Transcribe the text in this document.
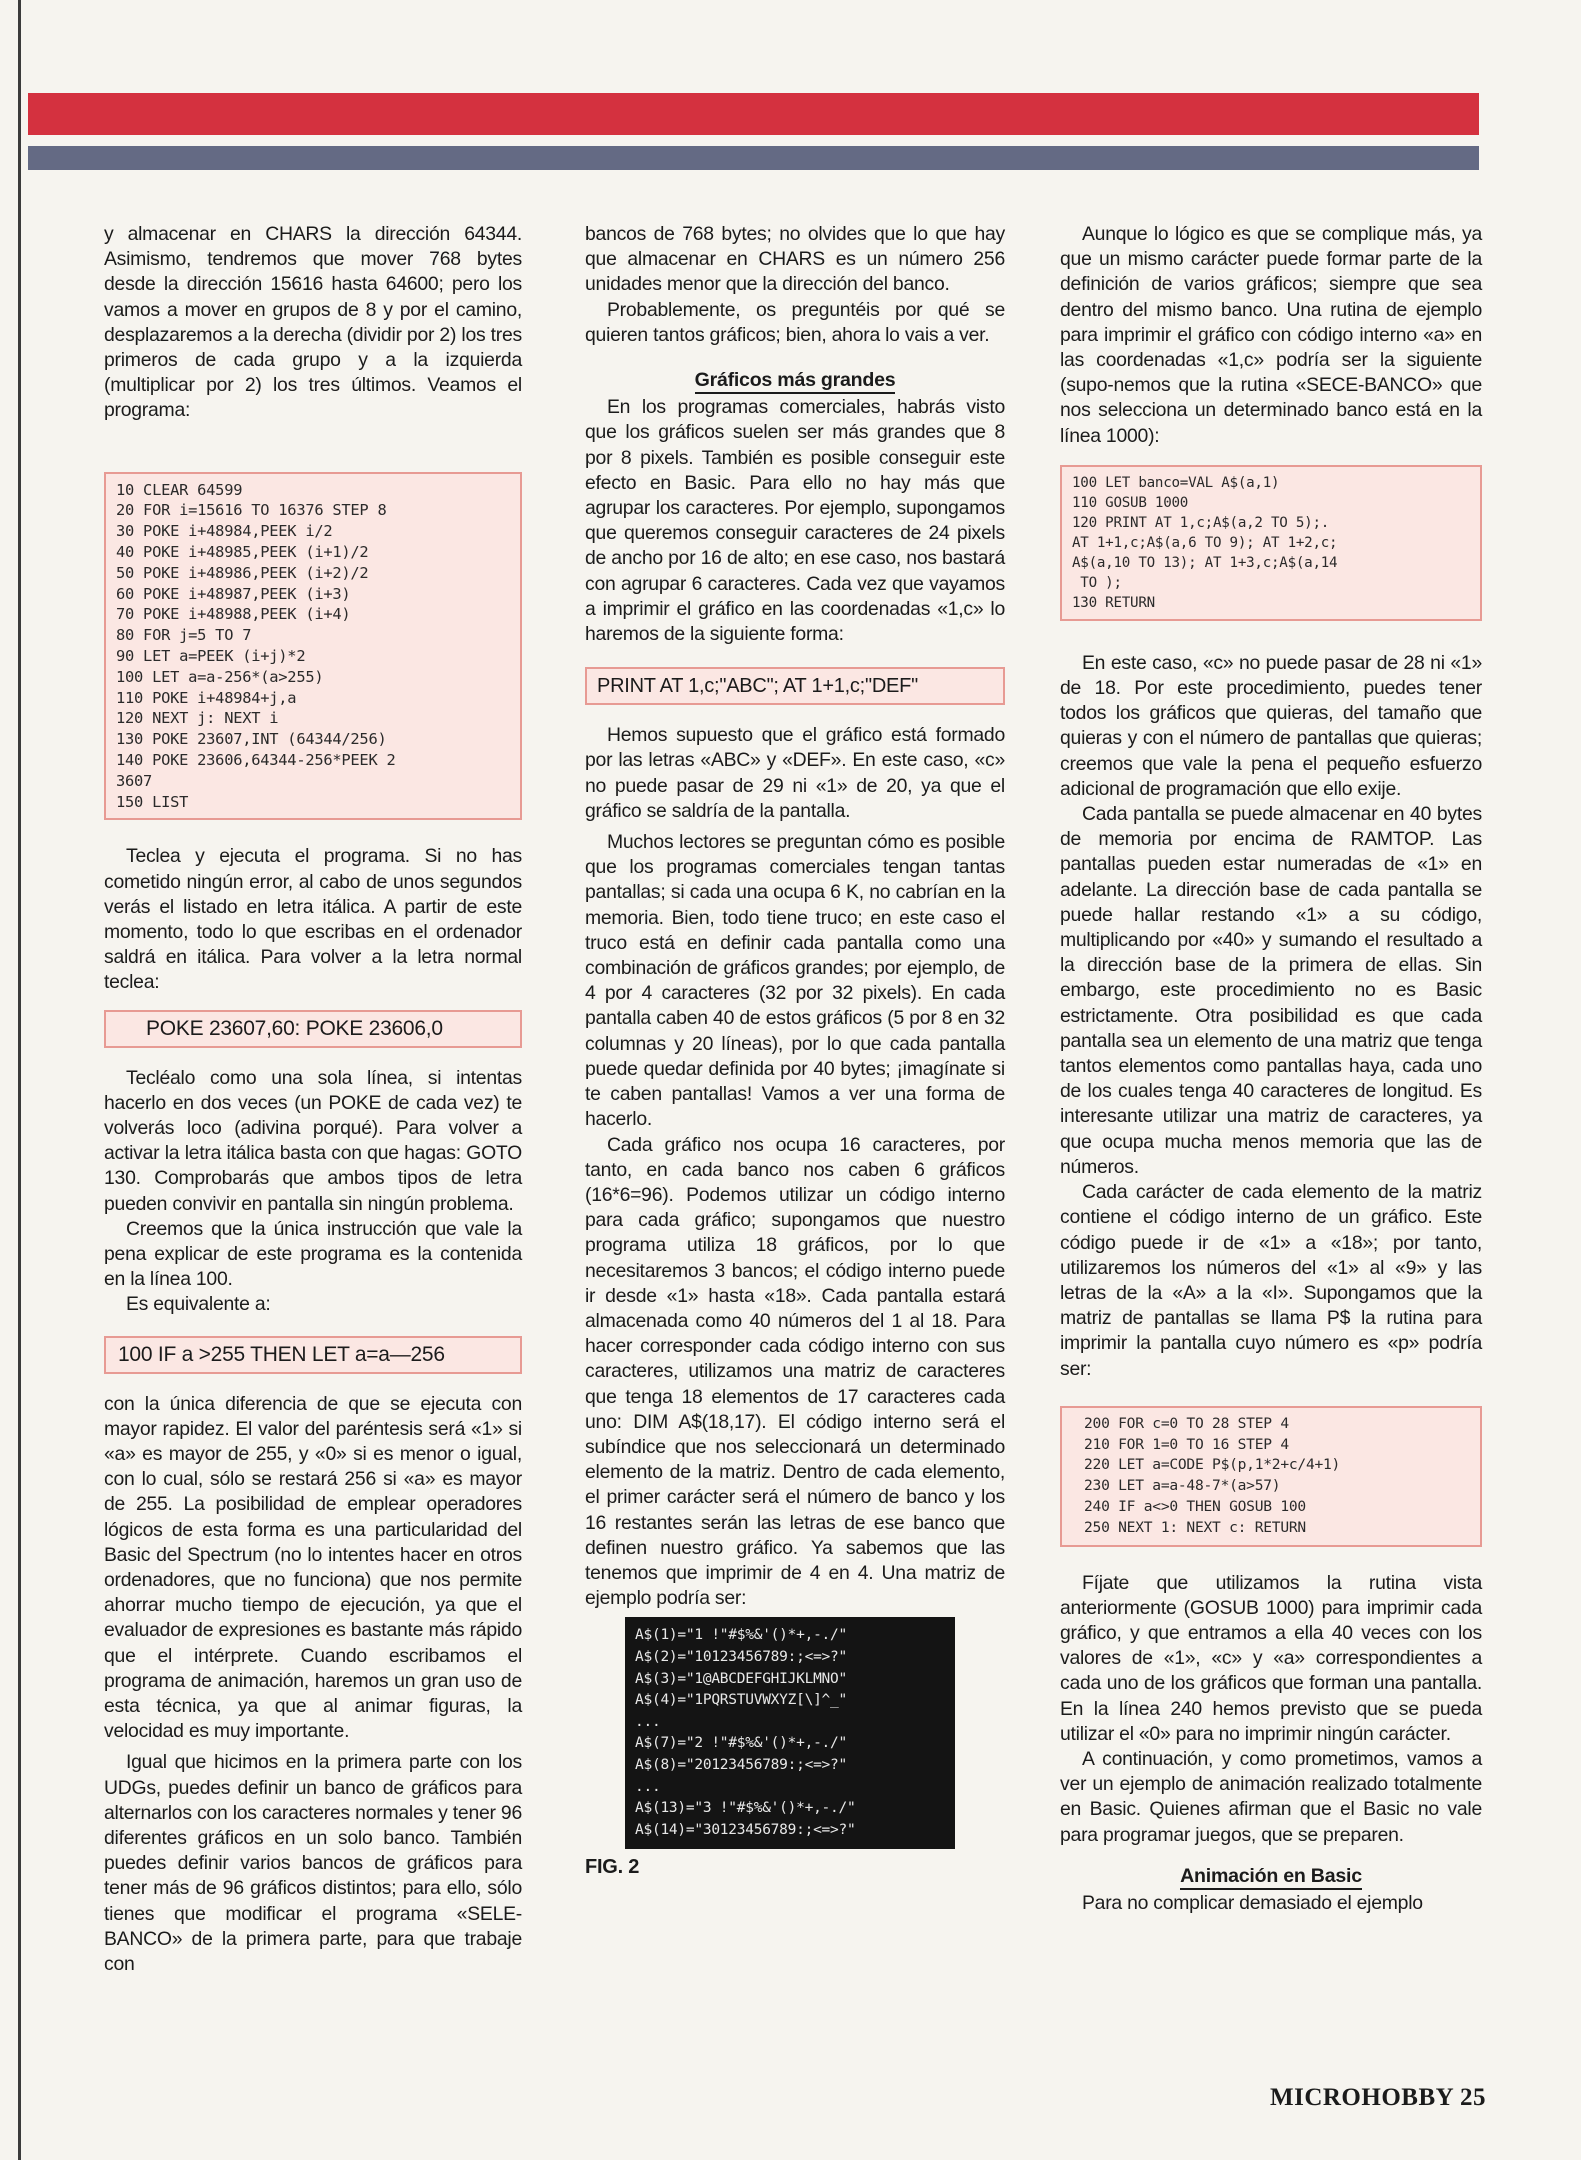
y almacenar en CHARS la dirección 64344. Asimismo, tendremos que mover 768 bytes desde la dirección 15616 hasta 64600; pero los vamos a mover en grupos de 8 y por el camino, desplazaremos a la derecha (dividir por 2) los tres primeros de cada grupo y a la izquierda (multiplicar por 2) los tres últimos. Veamos el programa:

10 CLEAR 64599
20 FOR i=15616 TO 16376 STEP 8
30 POKE i+48984,PEEK i/2
40 POKE i+48985,PEEK (i+1)/2
50 POKE i+48986,PEEK (i+2)/2
60 POKE i+48987,PEEK (i+3)
70 POKE i+48988,PEEK (i+4)
80 FOR j=5 TO 7
90 LET a=PEEK (i+j)*2
100 LET a=a-256*(a>255)
110 POKE i+48984+j,a
120 NEXT j: NEXT i
130 POKE 23607,INT (64344/256)
140 POKE 23606,64344-256*PEEK 2
3607
150 LIST

Teclea y ejecuta el programa. Si no has cometido ningún error, al cabo de unos segundos verás el listado en letra itálica. A partir de este momento, todo lo que escribas en el ordenador saldrá en itálica. Para volver a la letra normal teclea:

POKE 23607,60: POKE 23606,0

Tecléalo como una sola línea, si intentas hacerlo en dos veces (un POKE de cada vez) te volverás loco (adivina porqué). Para volver a activar la letra itálica basta con que hagas: GOTO 130. Comprobarás que ambos tipos de letra pueden convivir en pantalla sin ningún problema.

Creemos que la única instrucción que vale la pena explicar de este programa es la contenida en la línea 100.

Es equivalente a:

100 IF a >255 THEN LET a=a—256

con la única diferencia de que se ejecuta con mayor rapidez. El valor del paréntesis será «1» si «a» es mayor de 255, y «0» si es menor o igual, con lo cual, sólo se restará 256 si «a» es mayor de 255. La posibilidad de emplear operadores lógicos de esta forma es una particularidad del Basic del Spectrum (no lo intentes hacer en otros ordenadores, que no funciona) que nos permite ahorrar mucho tiempo de ejecución, ya que el evaluador de expresiones es bastante más rápido que el intérprete. Cuando escribamos el programa de animación, haremos un gran uso de esta técnica, ya que al animar figuras, la velocidad es muy importante.

Igual que hicimos en la primera parte con los UDGs, puedes definir un banco de gráficos para alternarlos con los caracteres normales y tener 96 diferentes gráficos en un solo banco. También puedes definir varios bancos de gráficos para tener más de 96 gráficos distintos; para ello, sólo tienes que modificar el programa «SELE-BANCO» de la primera parte, para que trabaje con

bancos de 768 bytes; no olvides que lo que hay que almacenar en CHARS es un número 256 unidades menor que la dirección del banco.

Probablemente, os preguntéis por qué se quieren tantos gráficos; bien, ahora lo vais a ver.

Gráficos más grandes

En los programas comerciales, habrás visto que los gráficos suelen ser más grandes que 8 por 8 pixels. También es posible conseguir este efecto en Basic. Para ello no hay más que agrupar los caracteres. Por ejemplo, supongamos que queremos conseguir caracteres de 24 pixels de ancho por 16 de alto; en ese caso, nos bastará con agrupar 6 caracteres. Cada vez que vayamos a imprimir el gráfico en las coordenadas «1,c» lo haremos de la siguiente forma:

PRINT AT 1,c;"ABC"; AT 1+1,c;"DEF"

Hemos supuesto que el gráfico está formado por las letras «ABC» y «DEF». En este caso, «c» no puede pasar de 29 ni «1» de 20, ya que el gráfico se saldría de la pantalla.

Muchos lectores se preguntan cómo es posible que los programas comerciales tengan tantas pantallas; si cada una ocupa 6 K, no cabrían en la memoria. Bien, todo tiene truco; en este caso el truco está en definir cada pantalla como una combinación de gráficos grandes; por ejemplo, de 4 por 4 caracteres (32 por 32 pixels). En cada pantalla caben 40 de estos gráficos (5 por 8 en 32 columnas y 20 líneas), por lo que cada pantalla puede quedar definida por 40 bytes; ¡imagínate si te caben pantallas! Vamos a ver una forma de hacerlo.

Cada gráfico nos ocupa 16 caracteres, por tanto, en cada banco nos caben 6 gráficos (16*6=96). Podemos utilizar un código interno para cada gráfico; supongamos que nuestro programa utiliza 18 gráficos, por lo que necesitaremos 3 bancos; el código interno puede ir desde «1» hasta «18». Cada pantalla estará almacenada como 40 números del 1 al 18. Para hacer corresponder cada código interno con sus caracteres, utilizamos una matriz de caracteres que tenga 18 elementos de 17 caracteres cada uno: DIM A$(18,17). El código interno será el subíndice que nos seleccionará un determinado elemento de la matriz. Dentro de cada elemento, el primer carácter será el número de banco y los 16 restantes serán las letras de ese banco que definen nuestro gráfico. Ya sabemos que las tenemos que imprimir de 4 en 4. Una matriz de ejemplo podría ser:

A$(1)="1 !"#$%&'()*+,-./"
A$(2)="10123456789:;<=>?"
A$(3)="1@ABCDEFGHIJKLMNO"
A$(4)="1PQRSTUVWXYZ[\]^_"
...
A$(7)="2 !"#$%&'()*+,-./"
A$(8)="20123456789:;<=>?"
...
A$(13)="3 !"#$%&'()*+,-./"
A$(14)="30123456789:;<=>?"
FIG. 2

Aunque lo lógico es que se complique más, ya que un mismo carácter puede formar parte de la definición de varios gráficos; siempre que sea dentro del mismo banco. Una rutina de ejemplo para imprimir el gráfico con código interno «a» en las coordenadas «1,c» podría ser la siguiente (supo-nemos que la rutina «SECE-BANCO» que nos selecciona un determinado banco está en la línea 1000):

100 LET banco=VAL A$(a,1)
110 GOSUB 1000
120 PRINT AT 1,c;A$(a,2 TO 5);.
AT 1+1,c;A$(a,6 TO 9); AT 1+2,c;
A$(a,10 TO 13); AT 1+3,c;A$(a,14
TO );
130 RETURN

En este caso, «c» no puede pasar de 28 ni «1» de 18. Por este procedimiento, puedes tener todos los gráficos que quieras, del tamaño que quieras y con el número de pantallas que quieras; creemos que vale la pena el pequeño esfuerzo adicional de programación que ello exije.

Cada pantalla se puede almacenar en 40 bytes de memoria por encima de RAMTOP. Las pantallas pueden estar numeradas de «1» en adelante. La dirección base de cada pantalla se puede hallar restando «1» a su código, multiplicando por «40» y sumando el resultado a la dirección base de la primera de ellas. Sin embargo, este procedimiento no es Basic estrictamente. Otra posibilidad es que cada pantalla sea un elemento de una matriz que tenga tantos elementos como pantallas haya, cada uno de los cuales tenga 40 caracteres de longitud. Es interesante utilizar una matriz de caracteres, ya que ocupa mucha menos memoria que las de números.

Cada carácter de cada elemento de la matriz contiene el código interno de un gráfico. Este código puede ir de «1» a «18»; por tanto, utilizaremos los números del «1» al «9» y las letras de la «A» a la «I». Supongamos que la matriz de pantallas se llama P$ la rutina para imprimir la pantalla cuyo número es «p» podría ser:

200 FOR c=0 TO 28 STEP 4
210 FOR 1=0 TO 16 STEP 4
220 LET a=CODE P$(p,1*2+c/4+1)
230 LET a=a-48-7*(a>57)
240 IF a<>0 THEN GOSUB 100
250 NEXT 1: NEXT c: RETURN

Fíjate que utilizamos la rutina vista anteriormente (GOSUB 1000) para imprimir cada gráfico, y que entramos a ella 40 veces con los valores de «1», «c» y «a» correspondientes a cada uno de los gráficos que forman una pantalla. En la línea 240 hemos previsto que se pueda utilizar el «0» para no imprimir ningún carácter.

A continuación, y como prometimos, vamos a ver un ejemplo de animación realizado totalmente en Basic. Quienes afirman que el Basic no vale para programar juegos, que se preparen.

Animación en Basic

Para no complicar demasiado el ejemplo

MICROHOBBY 25
